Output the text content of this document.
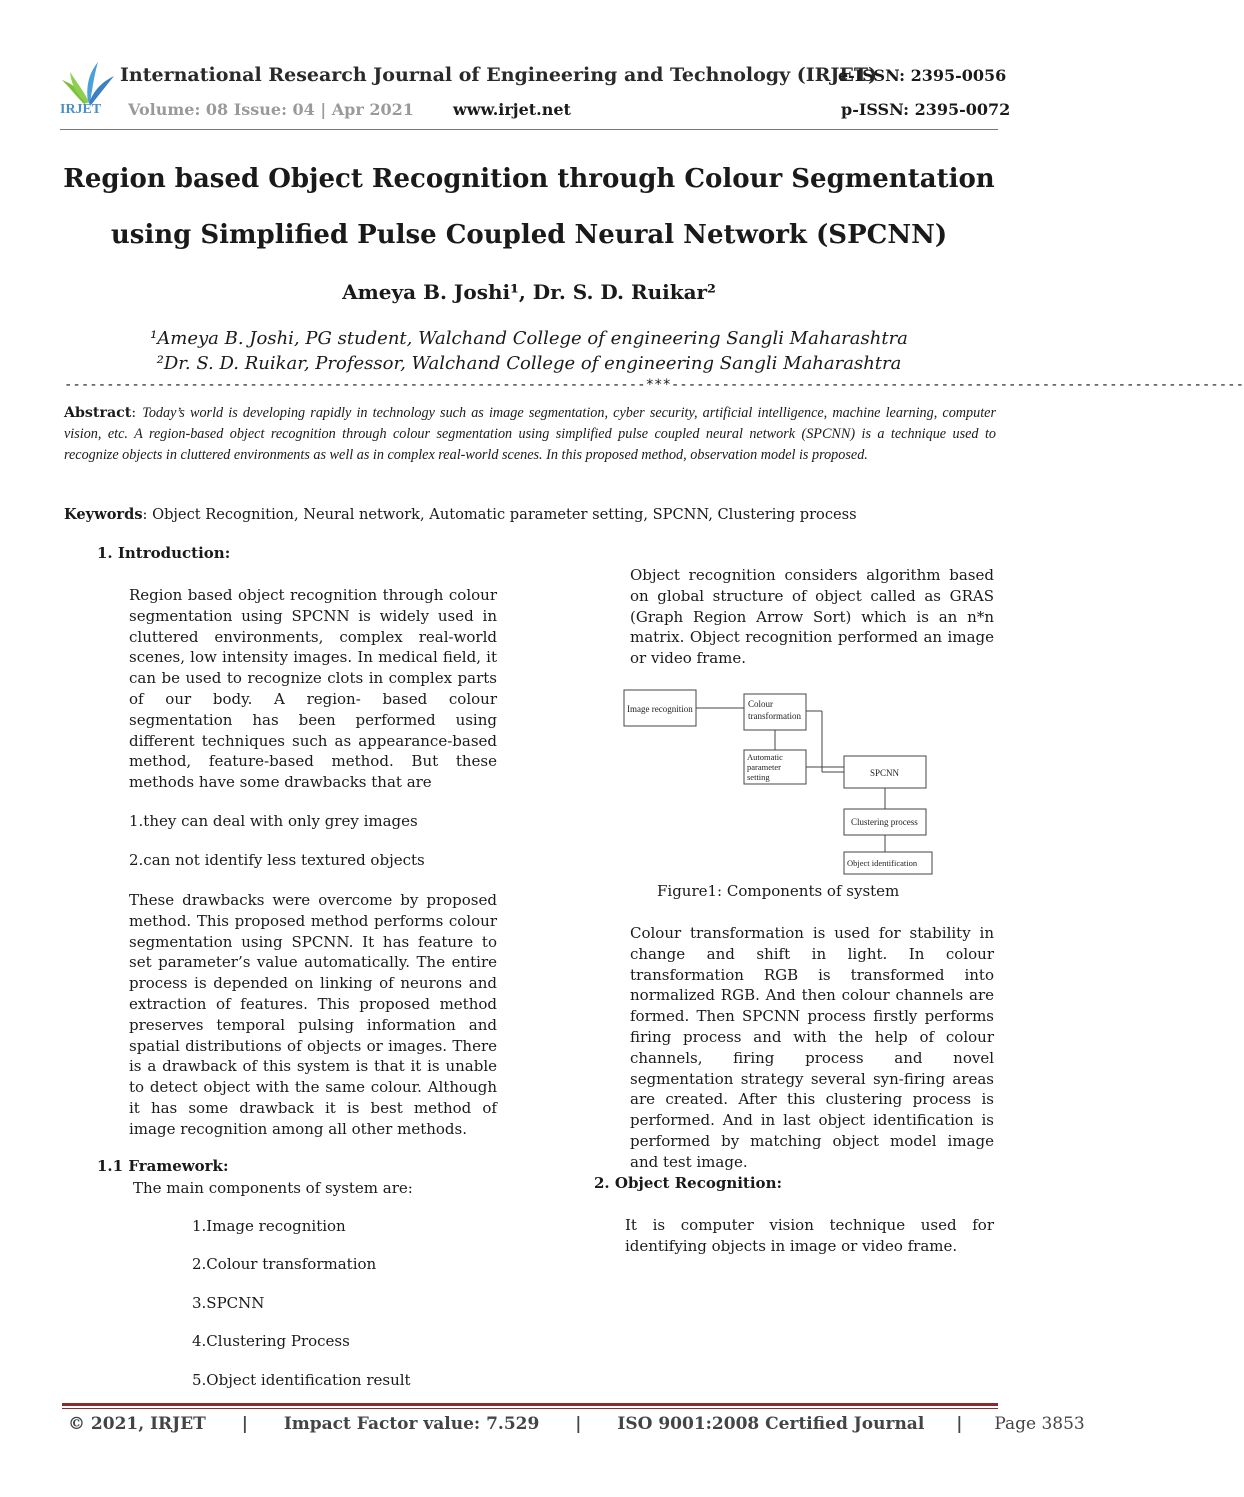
IRJET
International Research Journal of Engineering and Technology (IRJET)
e-ISSN: 2395-0056
Volume: 08 Issue: 04 | Apr 2021 www.irjet.net	p-ISSN: 2395-0072
Region based Object Recognition through Colour Segmentation
using Simplified Pulse Coupled Neural Network (SPCNN)
Ameya B. Joshi¹, Dr. S. D. Ruikar²
¹Ameya B. Joshi, PG student, Walchand College of engineering Sangli Maharashtra
²Dr. S. D. Ruikar, Professor, Walchand College of engineering Sangli Maharashtra
---------------------------------------------------------------------***--------------------------------------------------------------------
Abstract: Today’s world is developing rapidly in technology such as image segmentation, cyber security, artificial intelligence, machine learning, computer vision, etc. A region-based object recognition through colour segmentation using simplified pulse coupled neural network (SPCNN) is a technique used to recognize objects in cluttered environments as well as in complex real-world scenes. In this proposed method, observation model is proposed.
Keywords: Object Recognition, Neural network, Automatic parameter setting, SPCNN, Clustering process
1. Introduction:
Region based object recognition through colour segmentation using SPCNN is widely used in cluttered environments, complex real-world scenes, low intensity images. In medical field, it can be used to recognize clots in complex parts of our body. A region- based colour segmentation has been performed using different techniques such as appearance-based method, feature-based method. But these methods have some drawbacks that are
1.they can deal with only grey images
2.can not identify less textured objects
These drawbacks were overcome by proposed method. This proposed method performs colour segmentation using SPCNN. It has feature to set parameter’s value automatically. The entire process is depended on linking of neurons and extraction of features. This proposed method preserves temporal pulsing information and spatial distributions of objects or images. There is a drawback of this system is that it is unable to detect object with the same colour. Although it has some drawback it is best method of image recognition among all other methods.
1.1 Framework:
The main components of system are:
1.Image recognition
2.Colour transformation
3.SPCNN
4.Clustering Process
5.Object identification result
Object recognition considers algorithm based on global structure of object called as GRAS (Graph Region Arrow Sort) which is an n*n matrix. Object recognition performed an image or video frame.
Image recognition	Colour
transformation
Automatic
parameter
setting	SPCNN
Clustering process
Object identification
Figure1: Components of system
Colour transformation is used for stability in change and shift in light. In colour transformation RGB is transformed into normalized RGB. And then colour channels are formed. Then SPCNN process firstly performs firing process and with the help of colour channels, firing process and novel segmentation strategy several syn-firing areas are created. After this clustering process is performed. And in last object identification is performed by matching object model image and test image.
2. Object Recognition:
It is computer vision technique used for identifying objects in image or video frame.
© 2021, IRJET | Impact Factor value: 7.529 | ISO 9001:2008 Certified Journal | Page 3853
